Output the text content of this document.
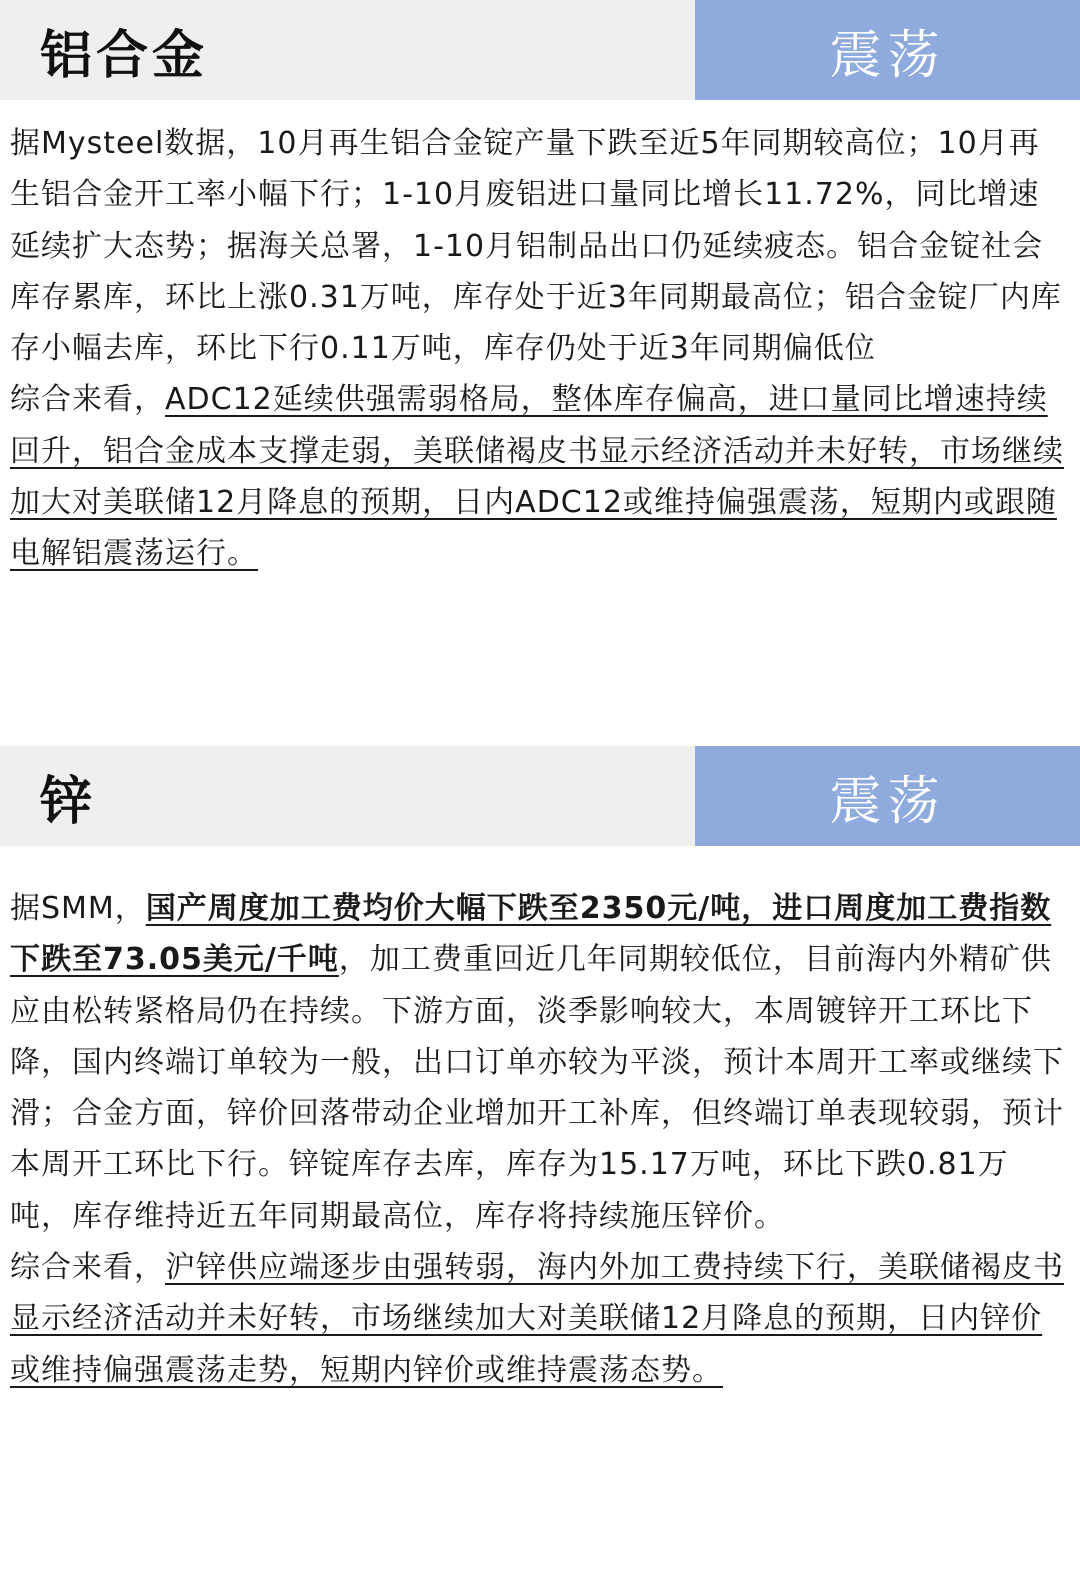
铝合金	震荡

据Mysteel数据，10月再生铝合金锭产量下跌至近5年同期较高位；10月再生铝合金开工率小幅下行；1-10月废铝进口量同比增长11.72%，同比增速延续扩大态势；据海关总署，1-10月铝制品出口仍延续疲态。铝合金锭社会库存累库，环比上涨0.31万吨，库存处于近3年同期最高位；铝合金锭厂内库存小幅去库，环比下行0.11万吨，库存仍处于近3年同期偏低位

综合来看，ADC12延续供强需弱格局，整体库存偏高，进口量同比增速持续回升，铝合金成本支撑走弱，美联储褐皮书显示经济活动并未好转，市场继续加大对美联储12月降息的预期，日内ADC12或维持偏强震荡，短期内或跟随电解铝震荡运行。

锌	震荡

据SMM，国产周度加工费均价大幅下跌至2350元/吨，进口周度加工费指数下跌至73.05美元/千吨，加工费重回近几年同期较低位，目前海内外精矿供应由松转紧格局仍在持续。下游方面，淡季影响较大，本周镀锌开工环比下降，国内终端订单较为一般，出口订单亦较为平淡，预计本周开工率或继续下滑；合金方面，锌价回落带动企业增加开工补库，但终端订单表现较弱，预计本周开工环比下行。锌锭库存去库，库存为15.17万吨，环比下跌0.81万吨，库存维持近五年同期最高位，库存将持续施压锌价。

综合来看，沪锌供应端逐步由强转弱，海内外加工费持续下行，美联储褐皮书显示经济活动并未好转，市场继续加大对美联储12月降息的预期，日内锌价或维持偏强震荡走势，短期内锌价或维持震荡态势。
